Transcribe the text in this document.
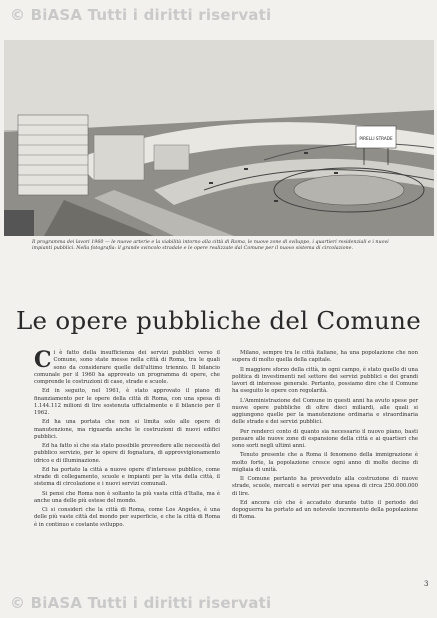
© BiASA Tutti i diritti riservati
PIRELLI STRADE
Il programma dei lavori 1960 — le nuove arterie e la viabilità intorno alla città di Roma, le nuove zone di sviluppo, i quartieri residenziali e i nuovi impianti pubblici. Nella fotografia: il grande svincolo stradale e le opere realizzate dal Comune per il nuovo sistema di circolazione.
Le opere pubbliche del Comune

Ci è fatto della insufficienza dei servizi pubblici verso il Comune, sono state messe nella città di Roma, tra le quali sono da considerare quelle dell'ultimo triennio. Il bilancio comunale per il 1960 ha approvato un programma di opere, che comprende le costruzioni di case, strade e scuole.

Ed in seguito, nel 1961, è stato approvato il piano di finanziamento per le opere della città di Roma, con una spesa di 1.144.112 milioni di lire sostenuta ufficialmente e il bilancio per il 1962.

Ed ha una portata che non si limita solo alle opere di manutenzione, ma riguarda anche le costruzioni di nuovi edifici pubblici.

Ed ha fatto sì che sia stato possibile provvedere alle necessità del pubblico servizio, per le opere di fognatura, di approvvigionamento idrico e di illuminazione.

Ed ha portato la città a nuove opere d'interesse pubblico, come strade di collegamento, scuole e impianti per la vita della città, il sistema di circolazione e i nuovi servizi comunali.

Si pensi che Roma non è soltanto la più vasta città d'Italia, ma è anche una delle più estese del mondo.

Ci si consideri che la città di Roma, come Los Angeles, è una delle più vaste città del mondo per superficie, e che la città di Roma è in continuo e costante sviluppo.

Milano, sempre tra le città italiane, ha una popolazione che non supera di molto quella della capitale.

Il maggiore sforzo della città, in ogni campo, è stato quello di una politica di investimenti nel settore dei servizi pubblici e dei grandi lavori di interesse generale. Pertanto, possiamo dire che il Comune ha eseguito le opere con regolarità.

L'Amministrazione del Comune in questi anni ha avuto spese per nuove opere pubbliche di oltre dieci miliardi, alle quali si aggiungono quelle per la manutenzione ordinaria e straordinaria delle strade e dei servizi pubblici.

Per renderci conto di quanto sia necessario il nuovo piano, basti pensare alle nuove zone di espansione della città e ai quartieri che sono sorti negli ultimi anni.

Tenuto presente che a Roma il fenomeno della immigrazione è molto forte, la popolazione cresce ogni anno di molte decine di migliaia di unità.

Il Comune pertanto ha provveduto alla costruzione di nuove strade, scuole, mercati e servizi per una spesa di circa 250.000.000 di lire.

Ed ancora ciò che è accaduto durante tutto il periodo del dopoguerra ha portato ad un notevole incremento della popolazione di Roma.

3
© BiASA Tutti i diritti riservati
